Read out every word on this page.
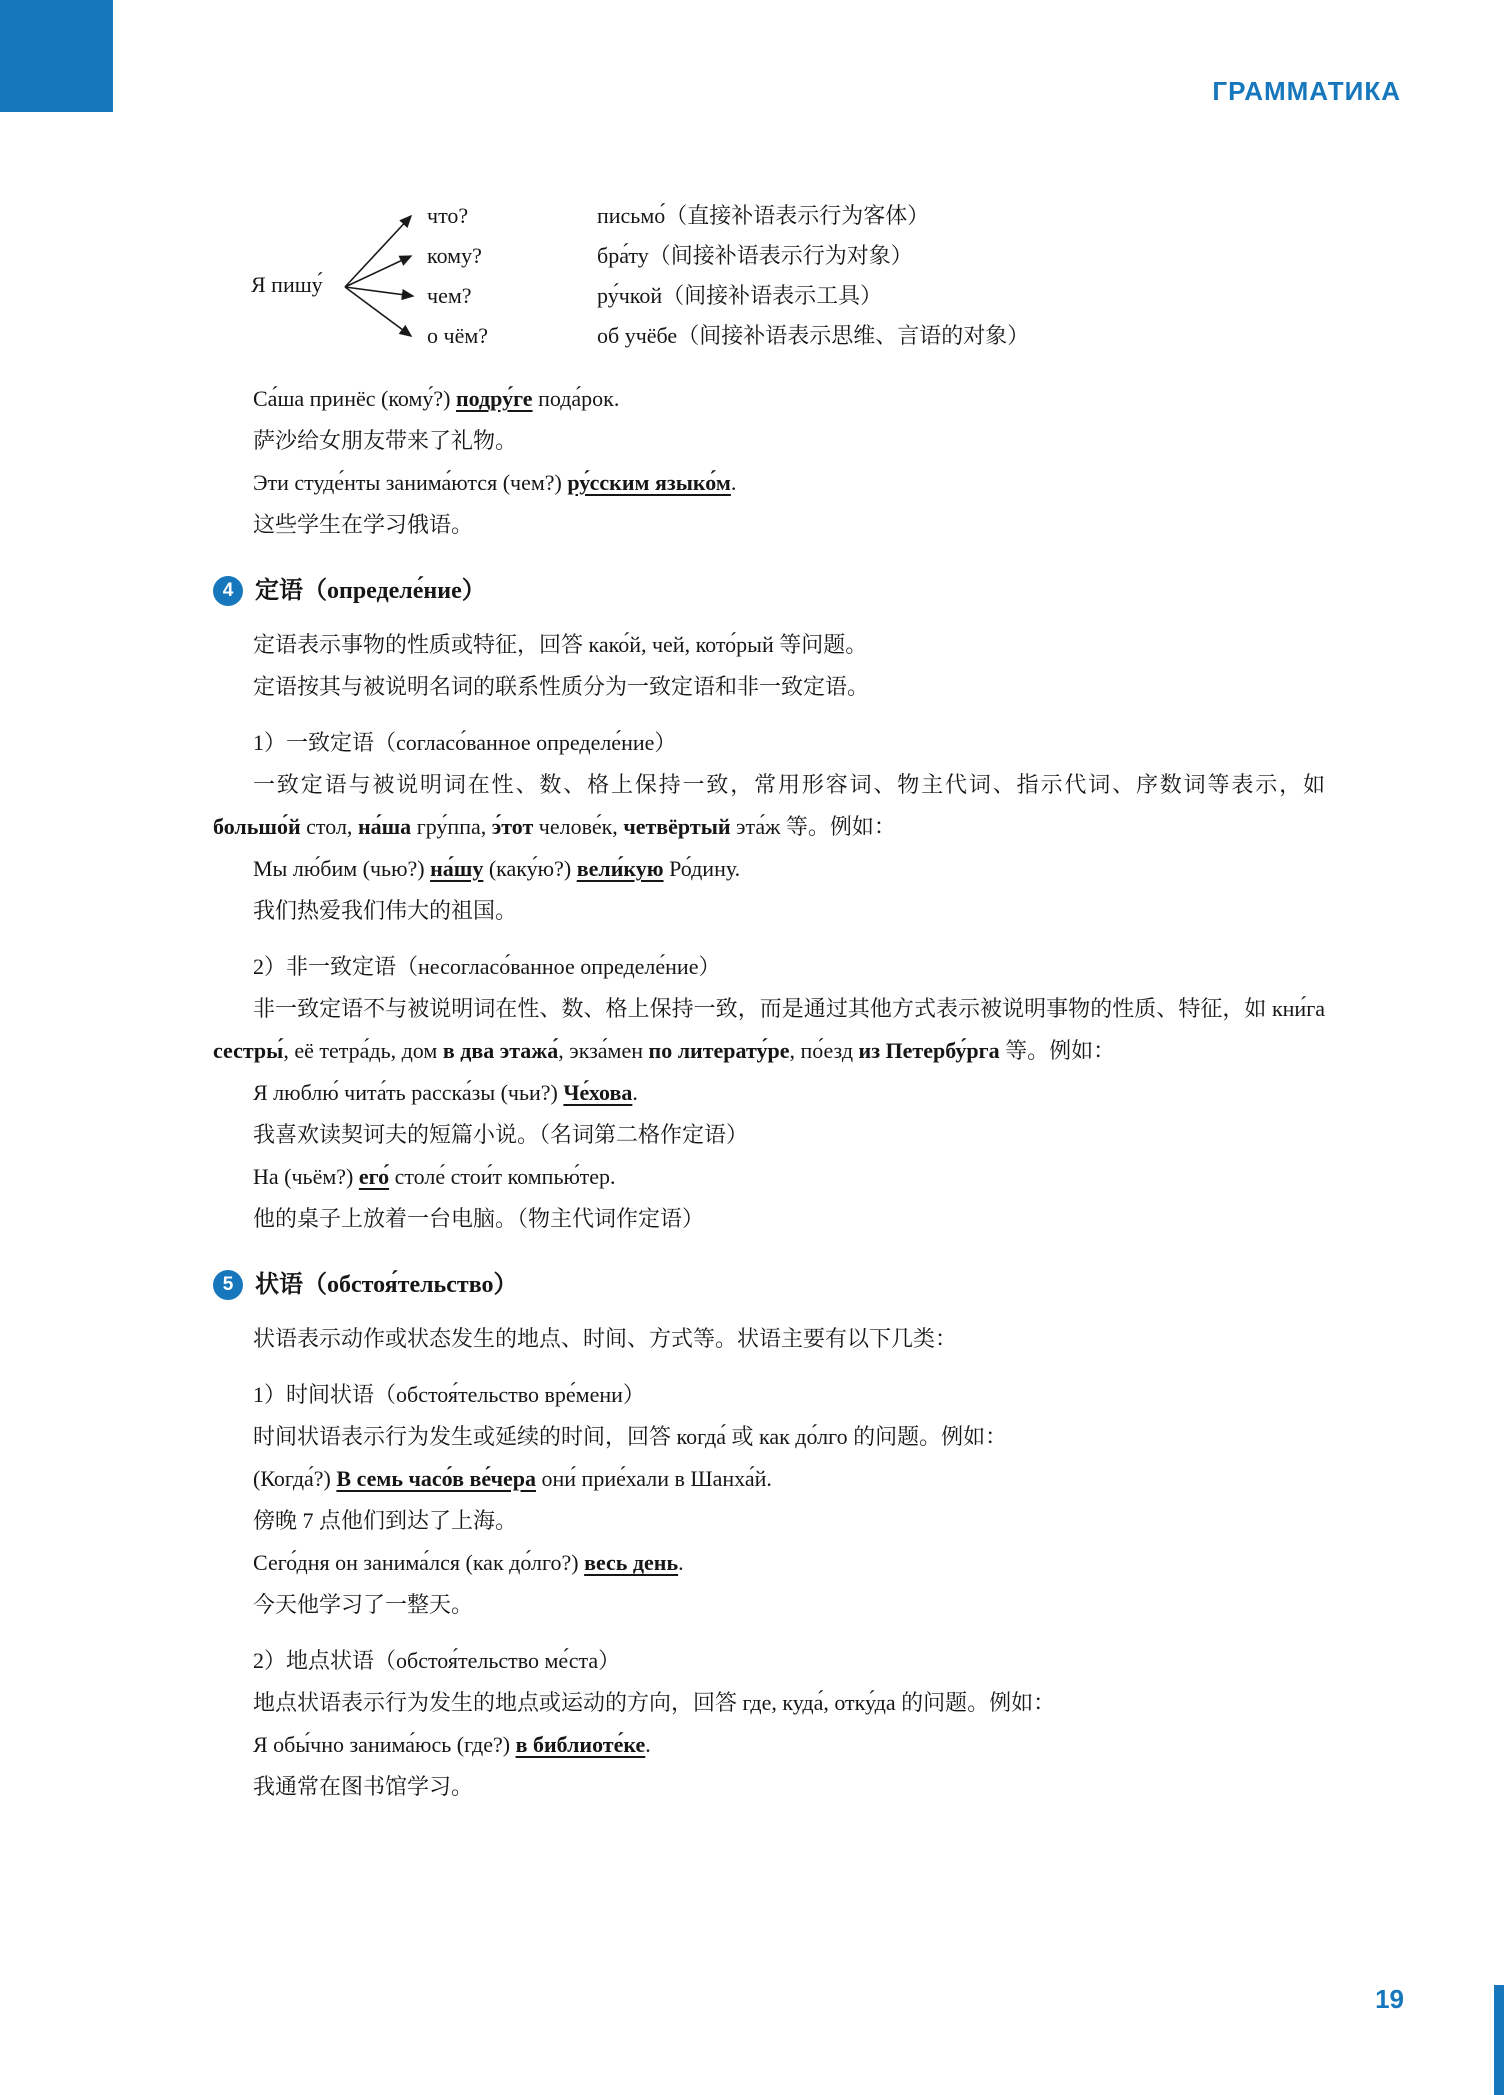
ГРАММАТИКА
Я пишу́
что?	письмо́（直接补语表示行为客体）
кому?	бра́ту（间接补语表示行为对象）
чем?	ру́чкой（间接补语表示工具）
о чём?	об учёбе（间接补语表示思维、言语的对象）
Са́ша принёс (кому́?) подру́ге пода́рок.
萨沙给女朋友带来了礼物。
Эти студе́нты занима́ются (чем?) ру́сским языко́м.
这些学生在学习俄语。
4 定语（определе́ние）
定语表示事物的性质或特征，回答 како́й, чей, кото́рый 等问题。
定语按其与被说明名词的联系性质分为一致定语和非一致定语。
1）一致定语（согласо́ванное определе́ние）
一致定语与被说明词在性、数、格上保持一致，常用形容词、物主代词、指示代词、序数词等表示，如 большо́й стол, на́ша гру́ппа, э́тот челове́к, четвёртый эта́ж 等。例如：
Мы лю́бим (чью?) на́шу (каку́ю?) вели́кую Ро́дину.
我们热爱我们伟大的祖国。
2）非一致定语（несогласо́ванное определе́ние）
非一致定语不与被说明词在性、数、格上保持一致，而是通过其他方式表示被说明事物的性质、特征，如 кни́га сестры́, её тетра́дь, дом в два этажа́, экза́мен по литерату́ре, по́езд из Петербу́рга 等。例如：
Я люблю́ чита́ть расска́зы (чьи?) Че́хова.
我喜欢读契诃夫的短篇小说。（名词第二格作定语）
На (чьём?) его́ столе́ стои́т компью́тер.
他的桌子上放着一台电脑。（物主代词作定语）
5 状语（обстоя́тельство）
状语表示动作或状态发生的地点、时间、方式等。状语主要有以下几类：
1）时间状语（обстоя́тельство вре́мени）
时间状语表示行为发生或延续的时间，回答 когда́ 或 как до́лго 的问题。例如：
(Когда́?) В семь часо́в ве́чера они́ прие́хали в Шанха́й.
傍晚 7 点他们到达了上海。
Сего́дня он занима́лся (как до́лго?) весь день.
今天他学习了一整天。
2）地点状语（обстоя́тельство ме́ста）
地点状语表示行为发生的地点或运动的方向，回答 где, куда́, отку́да 的问题。例如：
Я обы́чно занима́юсь (где?) в библиоте́ке.
我通常在图书馆学习。
19
